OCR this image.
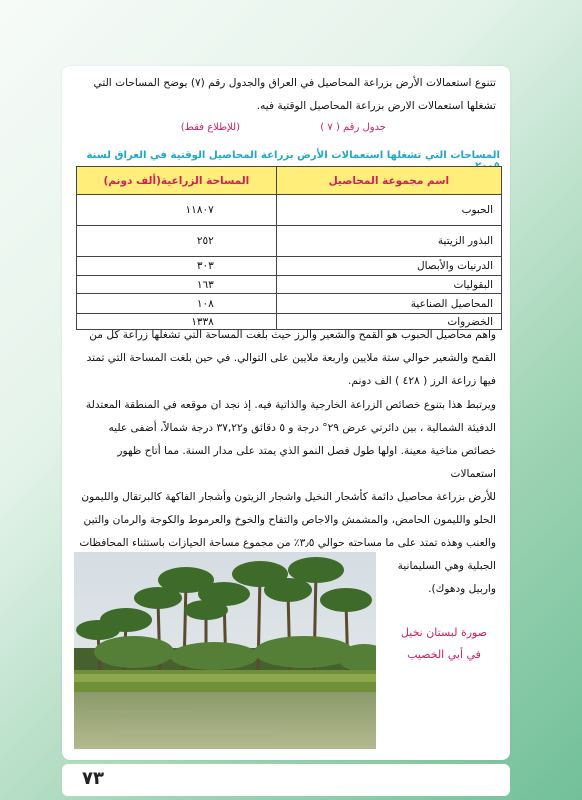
تتنوع استعمالات الأرض بزراعة المحاصيل في العراق والجدول رقم (٧) يوضح المساحات التي
تشغلها استعمالات الارض بزراعة المحاصيل الوقتية فيه.
جدول رقم ( ٧ )
(للإطلاع فقط)
المساحات التي تشغلها استعمالات الأرض بزراعة المحاصيل الوقتية في العراق لسنة
اسم مجموعة المحاصيل	المساحة الزراعية(ألف دونم)
الحبوب	١١٨٠٧
البذور الزيتية	٢٥٢
الدرنيات والأبصال	٣٠٣
البقوليات	١٦٣
المحاصيل الصناعية	١٠٨
الخضروات	١٣٣٨
واهم محاصيل الحبوب هو القمح والشعير والرز حيث بلغت المساحة التي تشغلها زراعة كل من
القمح والشعير حوالي ستة ملايين واربعة ملايين على التوالي. في حين بلغت المساحة التي تمتد
فيها زراعة الرز ( ٤٢٨ ) الف دونم.
ويرتبط هذا بتنوع خصائص الزراعة الخارجية والذاتية فيه. إذ نجد ان موقعه في المنطقة المعتدلة
الدفيئة الشمالية ، بين دائرتي عرض ٢٩° درجة و ٥ دقائق و٣٧,٢٢ درجة شمالاً، أضفى عليه
خصائص مناخية معينة. اولها طول فصل النمو الذي يمتد على مدار السنة. مما أتاح ظهور استعمالات
للأرض بزراعة محاصيل دائمة كأشجار النخيل واشجار الزيتون وأشجار الفاكهة كالبرتقال والليمون
الحلو والليمون الحامض، والمشمش والاجاص والتفاح والخوخ والعرموط والكوجة والرمان والتين
والعنب وهذه تمتد على ما مساحته حوالي ٣٫٥٪ من مجموع مساحة الحيازات باستثناء المحافظات
الجبلية وهي السليمانية
واربيل ودهوك).
صورة لبستان نخيل
في أبي الخصيب
٧٣
